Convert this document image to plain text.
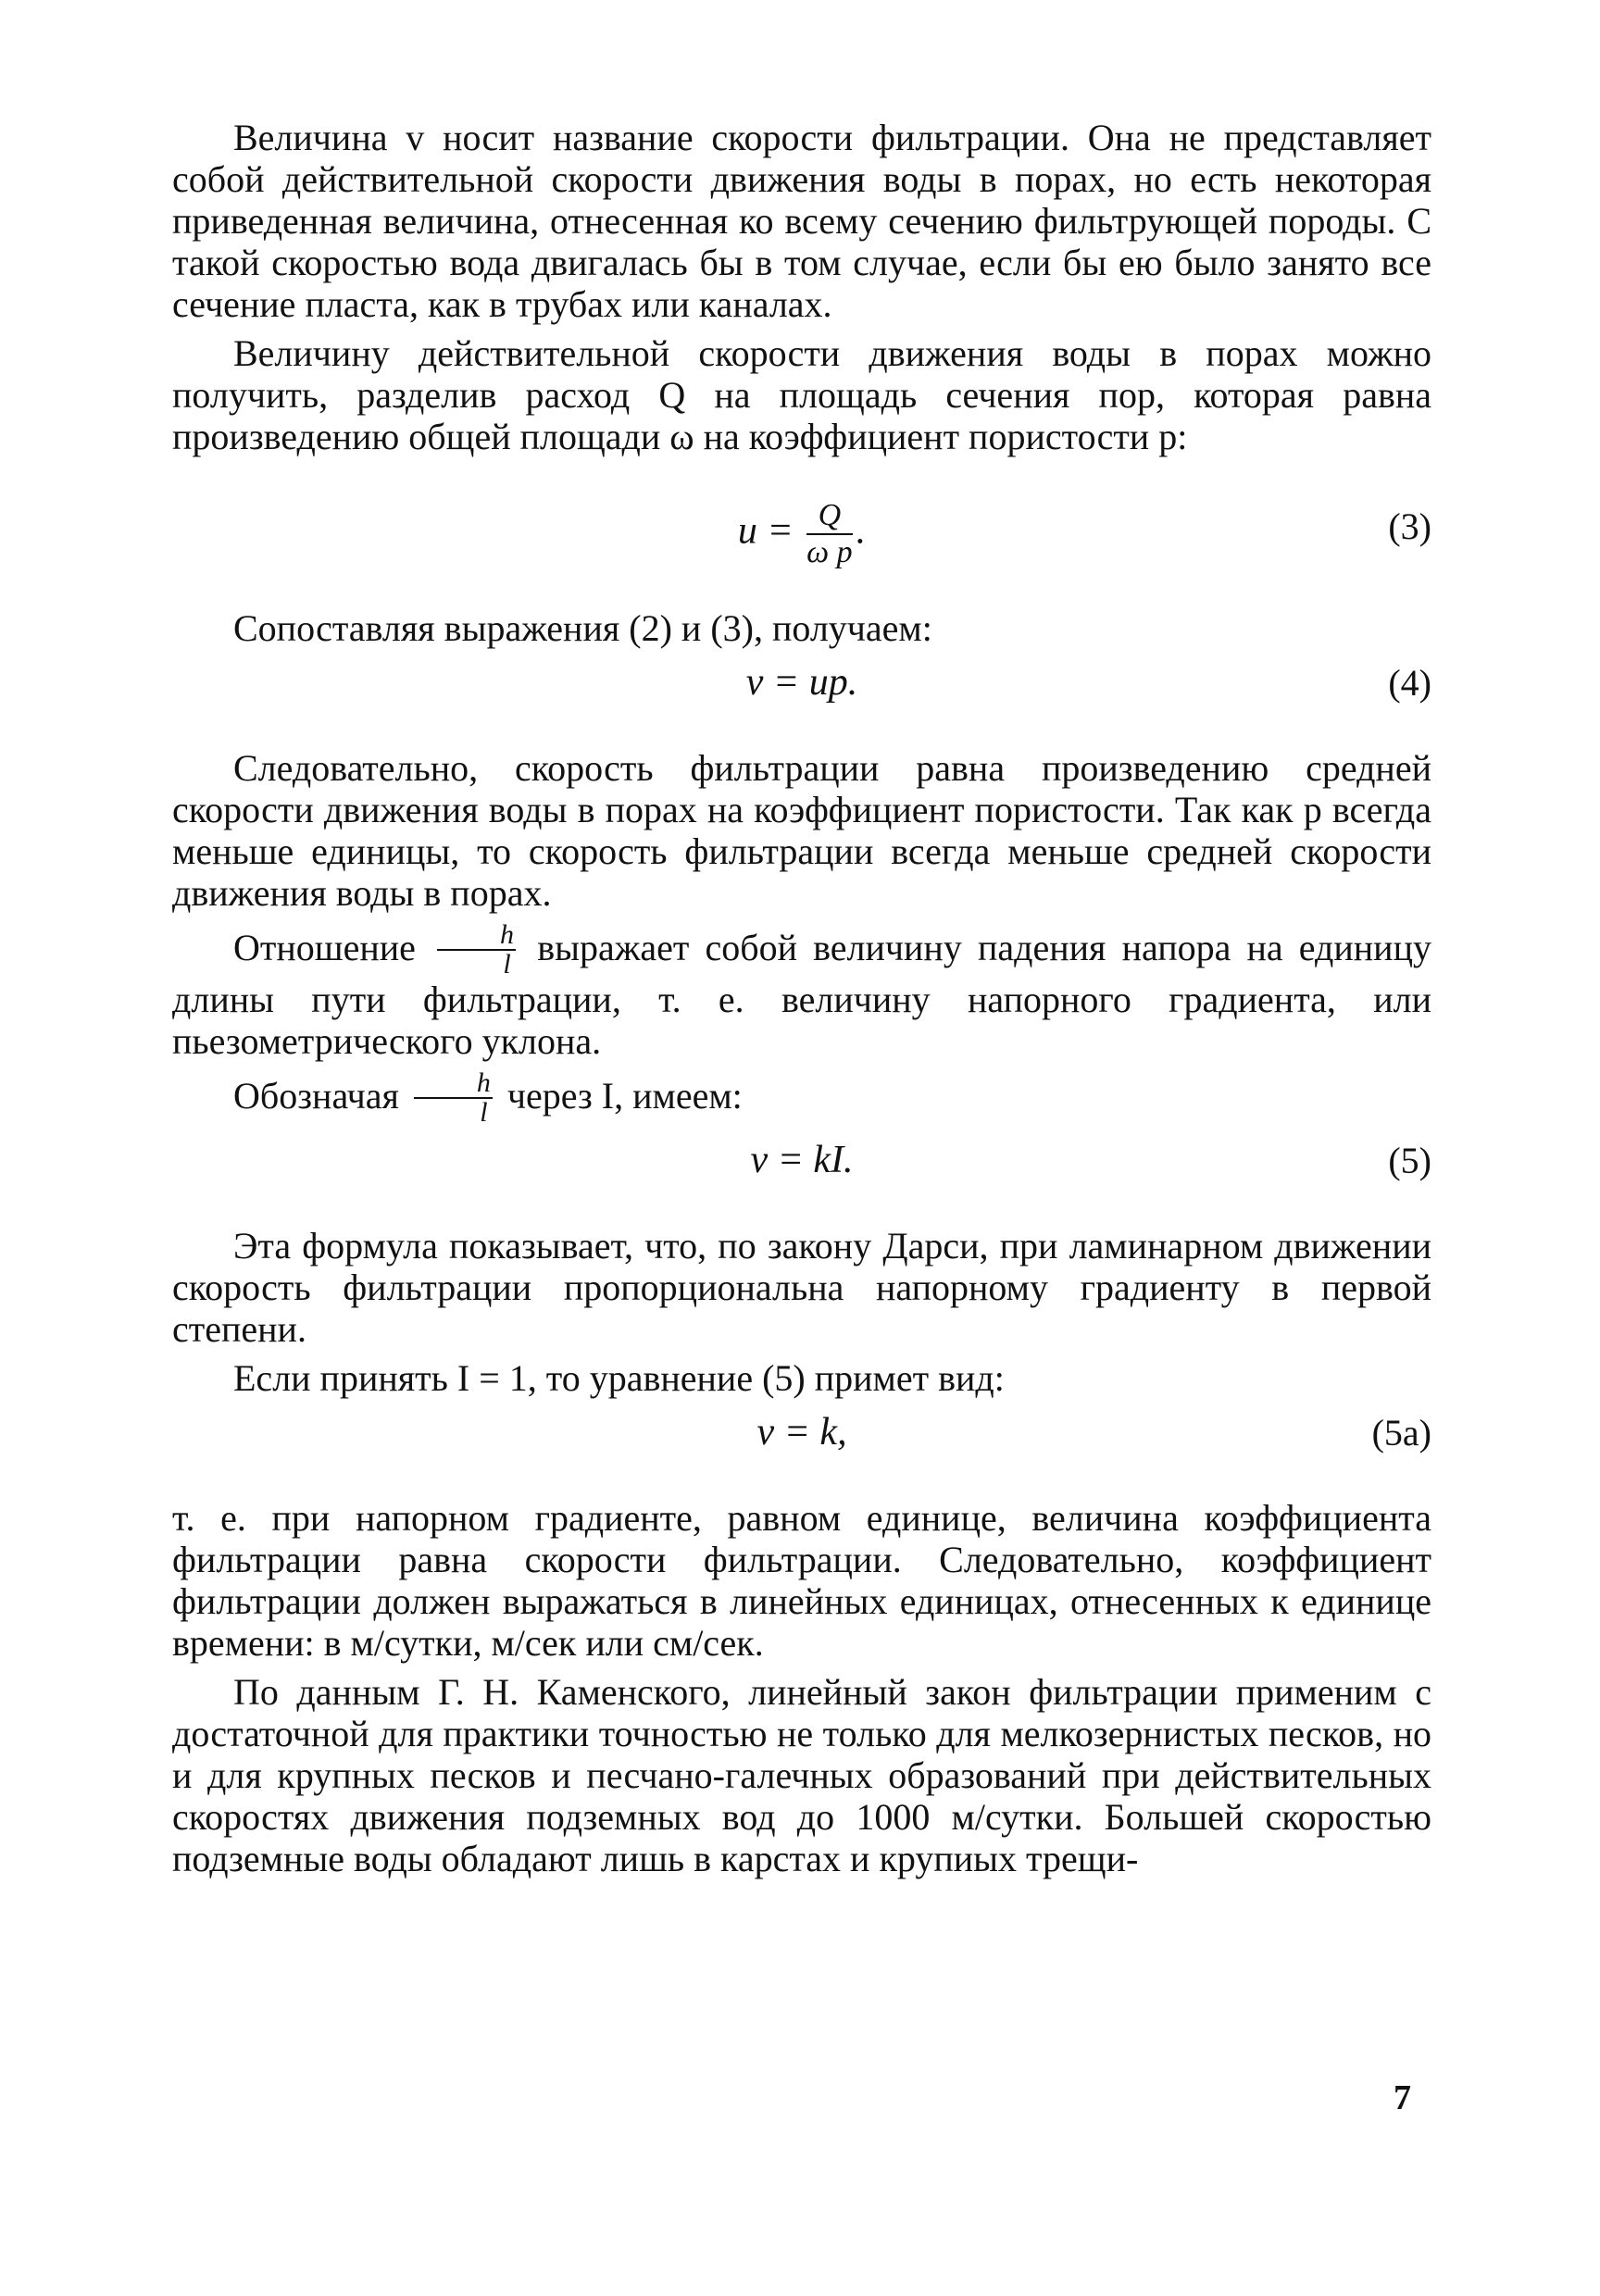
Величина v носит название скорости фильтрации. Она не представляет собой действительной скорости движения воды в порах, но есть некоторая приведенная величина, отнесенная ко всему сечению фильтрующей породы. С такой скоростью вода двигалась бы в том случае, если бы ею было занято все сечение пласта, как в трубах или каналах.

Величину действительной скорости движения воды в порах можно получить, разделив расход Q на площадь сечения пор, которая равна произведению общей площади ω на коэффициент пористости p:

$u = \frac{Q}{\text{ω p}}$ .	(3)

Сопоставляя выражения (2) и (3), получаем:

v = up.	(4)

Следовательно, скорость фильтрации равна произведению средней скорости движения воды в порах на коэффициент пористости. Так как p всегда меньше единицы, то скорость фильтрации всегда меньше средней скорости движения воды в порах.

Отношение $\frac{h}{l}$ выражает собой величину падения напора на единицу длины пути фильтрации, т. е. величину напорного градиента, или пьезометрического уклона.

Обозначая $\frac{h}{l}$ через I, имеем:

v = kI.	(5)

Эта формула показывает, что, по закону Дарси, при ламинарном движении скорость фильтрации пропорциональна напорному градиенту в первой степени.

Если принять I = 1, то уравнение (5) примет вид:

v = k,	(5a)

т. е. при напорном градиенте, равном единице, величина коэффициента фильтрации равна скорости фильтрации. Следовательно, коэффициент фильтрации должен выражаться в линейных единицах, отнесенных к единице времени: в м/сутки, м/сек или см/сек.

По данным Г. Н. Каменского, линейный закон фильтрации применим с достаточной для практики точностью не только для мелкозернистых песков, но и для крупных песков и песчано-галечных образований при действительных скоростях движения подземных вод до 1000 м/сутки. Большей скоростью подземные воды обладают лишь в карстах и крупиых трещи-

7
